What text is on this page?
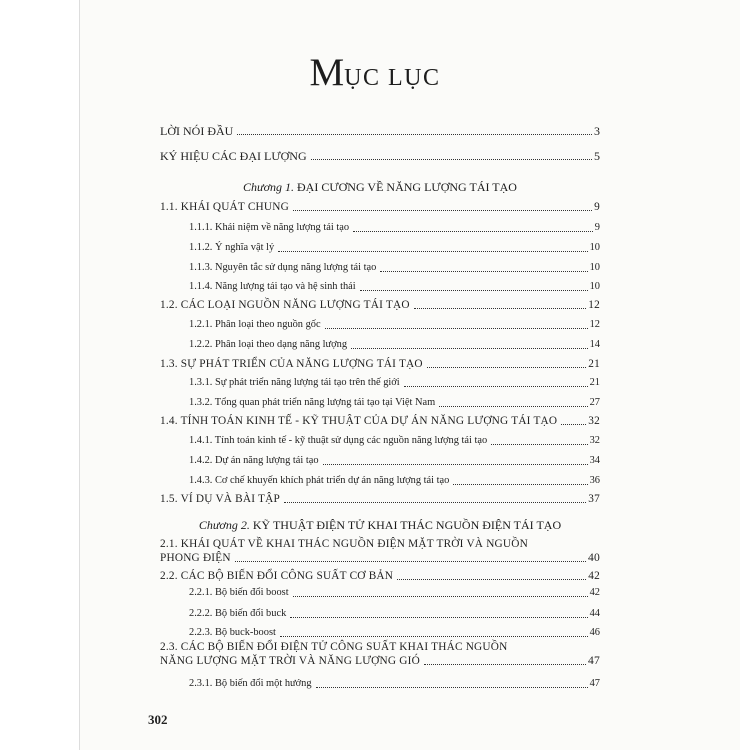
MỤC LỤC
LỜI NÓI ĐẦU	3
KÝ HIỆU CÁC ĐẠI LƯỢNG	5
Chương 1. ĐẠI CƯƠNG VỀ NĂNG LƯỢNG TÁI TẠO
1.1. KHÁI QUÁT CHUNG	9
1.1.1. Khái niệm về năng lượng tái tạo	9
1.1.2. Ý nghĩa vật lý	10
1.1.3. Nguyên tắc sử dụng năng lượng tái tạo	10
1.1.4. Năng lượng tái tạo và hệ sinh thái	10
1.2. CÁC LOẠI NGUỒN NĂNG LƯỢNG TÁI TẠO	12
1.2.1. Phân loại theo nguồn gốc	12
1.2.2. Phân loại theo dạng năng lượng	14
1.3. SỰ PHÁT TRIỂN CỦA NĂNG LƯỢNG TÁI TẠO	21
1.3.1. Sự phát triển năng lượng tái tạo trên thế giới	21
1.3.2. Tổng quan phát triển năng lượng tái tạo tại Việt Nam	27
1.4. TÍNH TOÁN KINH TẾ - KỸ THUẬT CỦA DỰ ÁN NĂNG LƯỢNG TÁI TẠO	32
1.4.1. Tính toán kinh tế - kỹ thuật sử dụng các nguồn năng lượng tái tạo	32
1.4.2. Dự án năng lượng tái tạo	34
1.4.3. Cơ chế khuyến khích phát triển dự án năng lượng tái tạo	36
1.5. VÍ DỤ VÀ BÀI TẬP	37
Chương 2. KỸ THUẬT ĐIỆN TỬ KHAI THÁC NGUỒN ĐIỆN TÁI TẠO
2.1. KHÁI QUÁT VỀ KHAI THÁC NGUỒN ĐIỆN MẶT TRỜI VÀ NGUỒN
PHONG ĐIỆN	40
2.2. CÁC BỘ BIẾN ĐỔI CÔNG SUẤT CƠ BẢN	42
2.2.1. Bộ biến đổi boost	42
2.2.2. Bộ biến đổi buck	44
2.2.3. Bộ buck-boost	46
2.3. CÁC BỘ BIẾN ĐỔI ĐIỆN TỬ CÔNG SUẤT KHAI THÁC NGUỒN
NĂNG LƯỢNG MẶT TRỜI VÀ NĂNG LƯỢNG GIÓ	47
2.3.1. Bộ biến đổi một hướng	47
302
